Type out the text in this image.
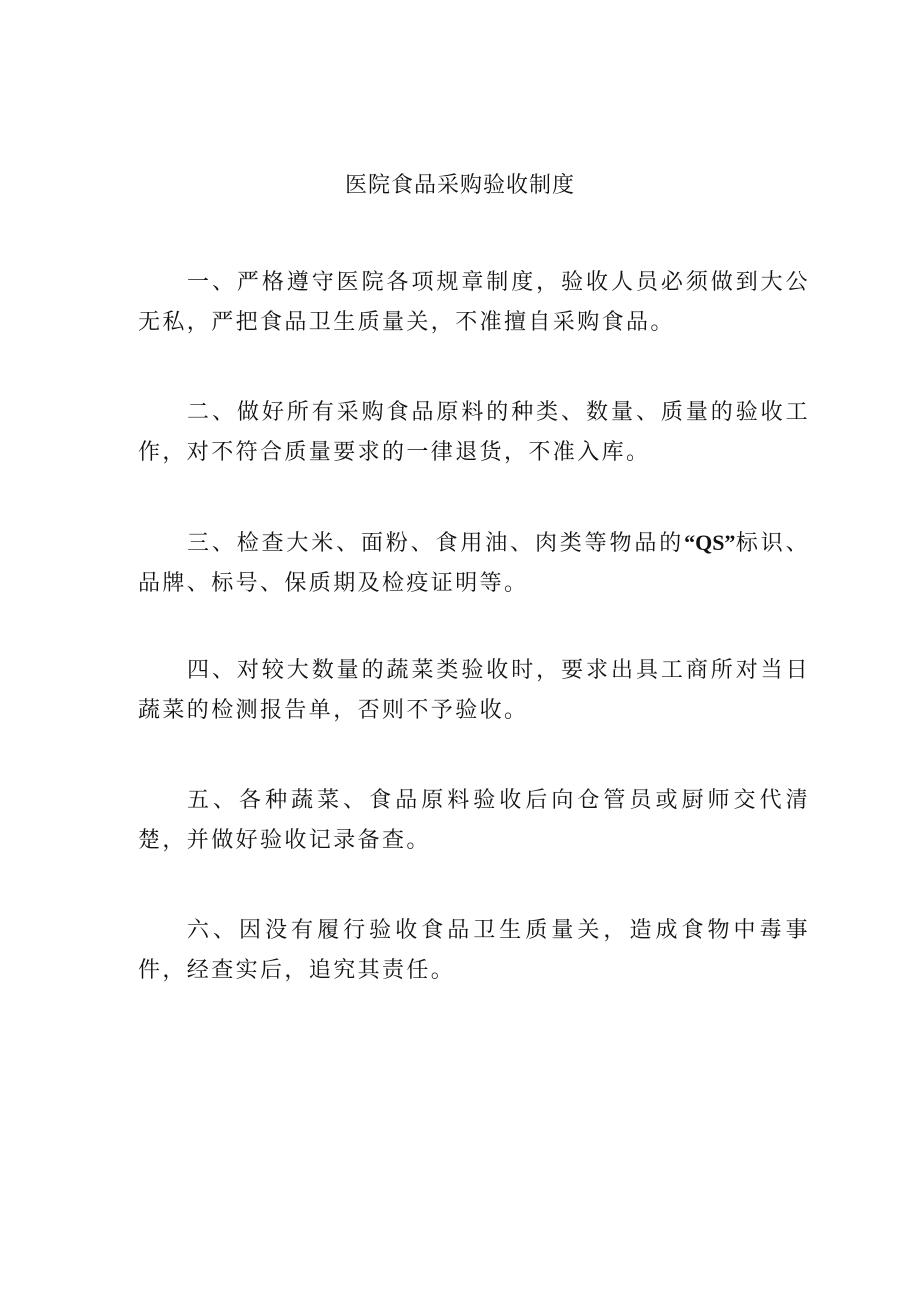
医院食品采购验收制度

一、严格遵守医院各项规章制度，验收人员必须做到大公无私，严把食品卫生质量关，不准擅自采购食品。

二、做好所有采购食品原料的种类、数量、质量的验收工作，对不符合质量要求的一律退货，不准入库。

三、检查大米、面粉、食用油、肉类等物品的“QS”标识、品牌、标号、保质期及检疫证明等。

四、对较大数量的蔬菜类验收时，要求出具工商所对当日蔬菜的检测报告单，否则不予验收。

五、各种蔬菜、食品原料验收后向仓管员或厨师交代清楚，并做好验收记录备查。

六、因没有履行验收食品卫生质量关，造成食物中毒事件，经查实后，追究其责任。
